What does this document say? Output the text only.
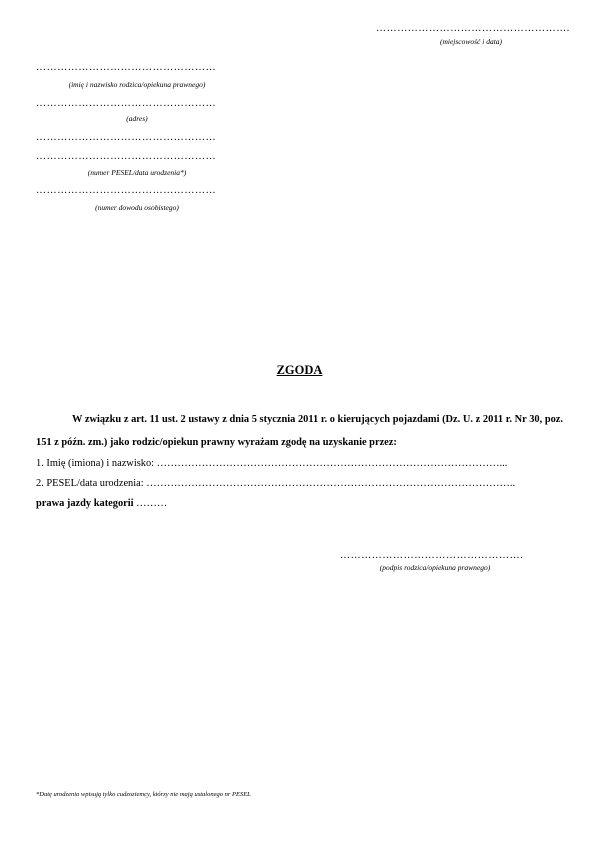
……………………………………………….
(miejscowość i data)
……………………………………………
(imię i nazwisko rodzica/opiekuna prawnego)
……………………………………………
(adres)
……………………………………………
……………………………………………
(numer PESEL/data urodzenia*)
……………………………………………
(numer dowodu osobistego)
ZGODA
W związku z art. 11 ust. 2 ustawy z dnia 5 stycznia 2011 r. o kierujących pojazdami (Dz. U. z 2011 r. Nr 30, poz. 151 z późn. zm.) jako rodzic/opiekun prawny wyrażam zgodę na uzyskanie przez:
1. Imię (imiona) i nazwisko: ………………………………………………………………………………………...
2. PESEL/data urodzenia: ……………………………………………………………………………………………..
prawa jazdy kategorii ………
…………………………………………….
(podpis rodzica/opiekuna prawnego)
*Datę urodzenia wpisują tylko cudzoziemcy, którzy nie mają ustalonego nr PESEL
